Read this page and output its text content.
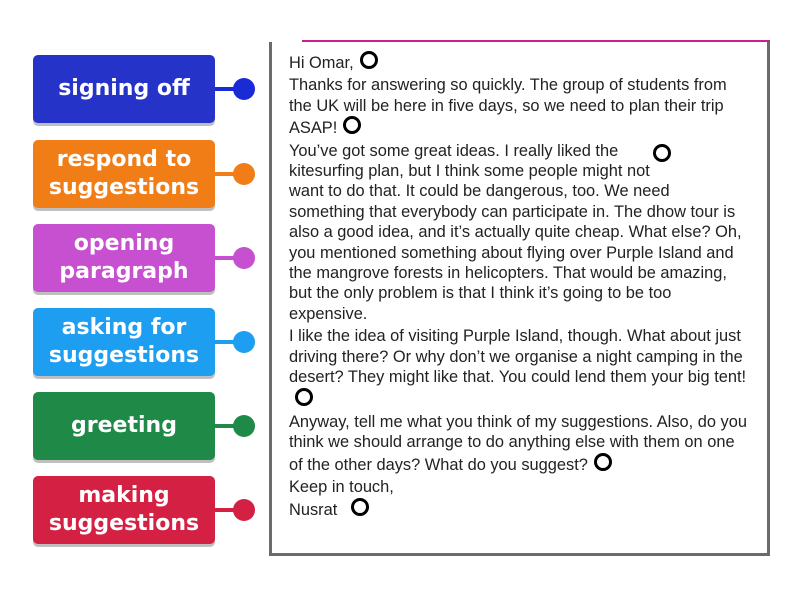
signing off
respond to suggestions
opening paragraph
asking for suggestions
greeting
making suggestions

Hi Omar,

Thanks for answering so quickly. The group of students from the UK will be here in five days, so we need to plan their trip ASAP!

You’ve got some great ideas. I really liked the kitesurfing plan, but I think some people might not want to do that. It could be dangerous, too. We need something that everybody can participate in. The dhow tour is also a good idea, and it’s actually quite cheap. What else? Oh, you mentioned something about flying over Purple Island and the mangrove forests in helicopters. That would be amazing, but the only problem is that I think it’s going to be too expensive.

I like the idea of visiting Purple Island, though. What about just driving there? Or why don’t we organise a night camping in the desert? They might like that. You could lend them your big tent!

Anyway, tell me what you think of my suggestions. Also, do you think we should arrange to do anything else with them on one of the other days? What do you suggest?

Keep in touch,
Nusrat
